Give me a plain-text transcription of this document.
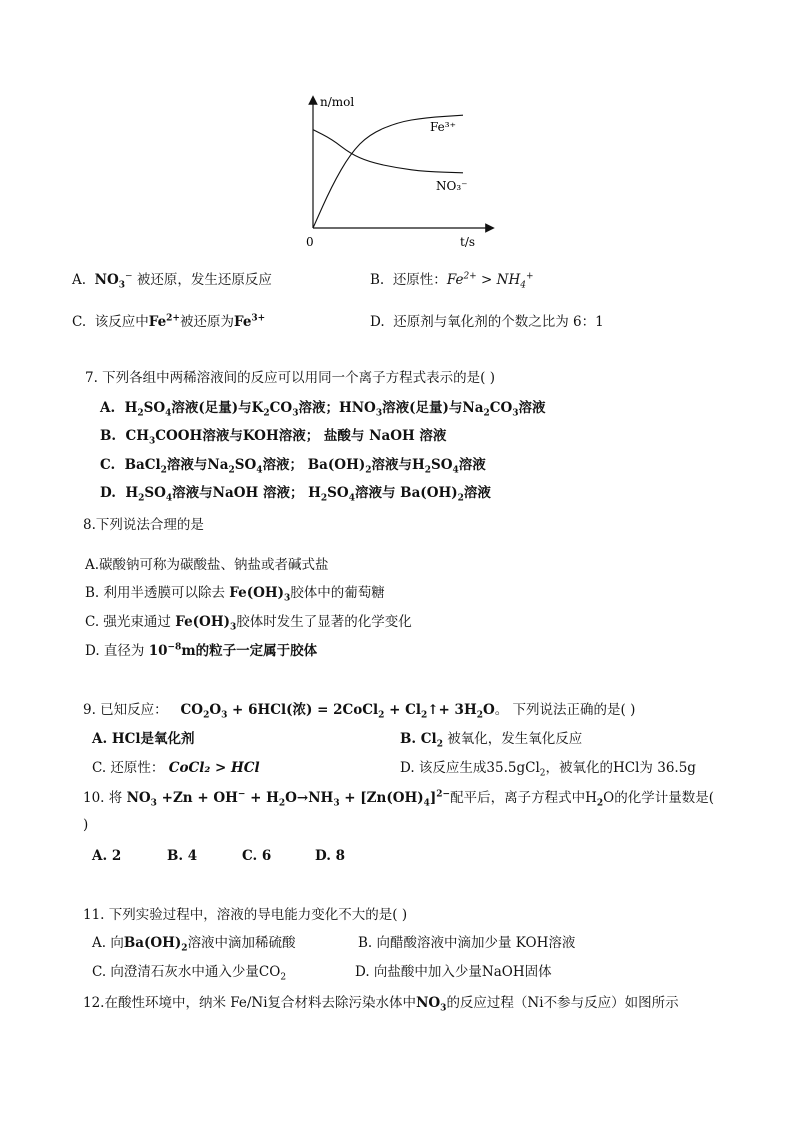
n/mol
t/s
0
Fe³⁺
NO₃⁻
A. $NO_3^-$ 被还原，发生还原反应	B. 还原性：$Fe^{2+} > NH_4^+$
C. 该反应中$Fe^{2+}$被还原为$Fe^{3+}$	D. 还原剂与氧化剂的个数之比为 6：1
7. 下列各组中两稀溶液间的反应可以用同一个离子方程式表示的是( )
A.  $H_2SO_4$溶液(足量)与$K_2CO_3$溶液；$HNO_3$溶液(足量)与$Na_2CO_3$溶液
B.  $CH_3COOH$溶液与KOH溶液； 盐酸与 NaOH 溶液
C.  BaCl$_2$溶液与$Na_2SO_4$溶液； $Ba(OH)_2$溶液与$H_2SO_4$溶液
D.  $H_2SO_4$溶液与NaOH 溶液； $H_2SO_4$溶液与 $Ba(OH)_2$溶液
8.下列说法合理的是
A.碳酸钠可称为碳酸盐、钠盐或者碱式盐
B. 利用半透膜可以除去 $Fe(OH)_3$胶体中的葡萄糖
C. 强光束通过 $Fe(OH)_3$胶体时发生了显著的化学变化
D. 直径为 $10^{-8}m$的粒子一定属于胶体
9. 已知反应： $CO_2O_3 + 6HCl$(浓) = 2CoCl$_2$ + $Cl_2↑+ 3H_2O$。 下列说法正确的是( )
A. HCl是氧化剂	B. $Cl_2$ 被氧化，发生氧化反应
C. 还原性： CoCl₂ > HCl	D. 该反应生成35.5gCl$_2$，被氧化的HCl为 36.5g
10. 将 $NO_3 +Zn + OH^- + H_2O\to NH_3 + [Zn(OH)_4]^{2-}$配平后，离子方程式中$H_2O$的化学计量数是(
)
A. 2	B. 4	C. 6	D. 8
11. 下列实验过程中，溶液的导电能力变化不大的是( )
A. 向$Ba(OH)_2$溶液中滴加稀硫酸	B. 向醋酸溶液中滴加少量 KOH溶液
C. 向澄清石灰水中通入少量$CO_2$	D. 向盐酸中加入少量NaOH固体
12.在酸性环境中，纳米 Fe/Ni复合材料去除污染水体中$NO_3$的反应过程（Ni不参与反应）如图所示
